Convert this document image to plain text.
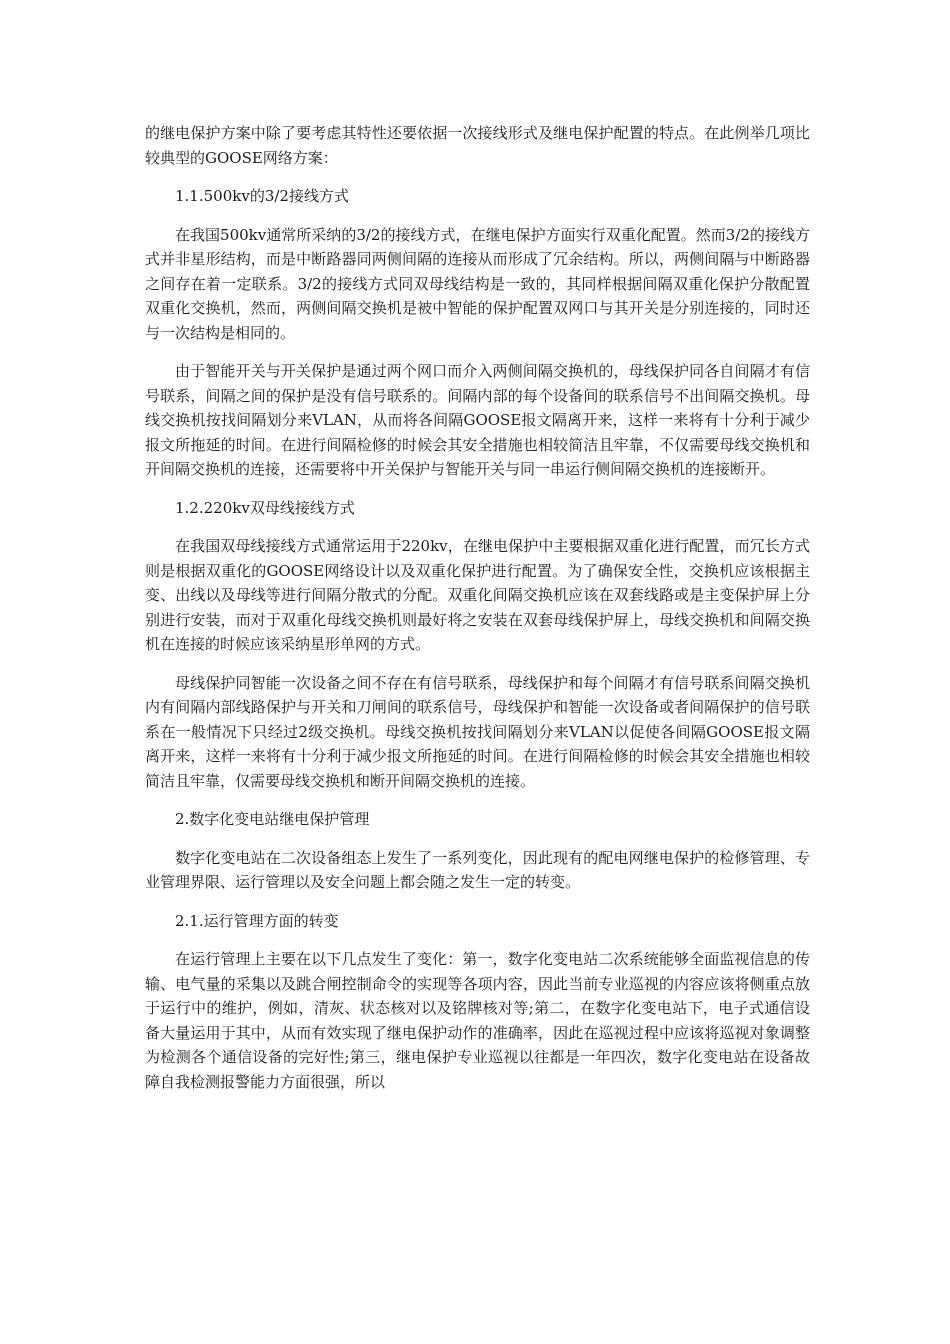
的继电保护方案中除了要考虑其特性还要依据一次接线形式及继电保护配置的特点。在此例举几项比较典型的GOOSE网络方案：

1.1.500kv的3/2接线方式

在我国500kv通常所采纳的3/2的接线方式，在继电保护方面实行双重化配置。然而3/2的接线方式并非星形结构，而是中断路器同两侧间隔的连接从而形成了冗余结构。所以，两侧间隔与中断路器之间存在着一定联系。3/2的接线方式同双母线结构是一致的，其同样根据间隔双重化保护分散配置双重化交换机，然而，两侧间隔交换机是被中智能的保护配置双网口与其开关是分别连接的，同时还与一次结构是相同的。

由于智能开关与开关保护是通过两个网口而介入两侧间隔交换机的，母线保护同各自间隔才有信号联系，间隔之间的保护是没有信号联系的。间隔内部的每个设备间的联系信号不出间隔交换机。母线交换机按找间隔划分来VLAN，从而将各间隔GOOSE报文隔离开来，这样一来将有十分利于减少报文所拖延的时间。在进行间隔检修的时候会其安全措施也相较简洁且牢靠，不仅需要母线交换机和开间隔交换机的连接，还需要将中开关保护与智能开关与同一串运行侧间隔交换机的连接断开。

1.2.220kv双母线接线方式

在我国双母线接线方式通常运用于220kv，在继电保护中主要根据双重化进行配置，而冗长方式则是根据双重化的GOOSE网络设计以及双重化保护进行配置。为了确保安全性，交换机应该根据主变、出线以及母线等进行间隔分散式的分配。双重化间隔交换机应该在双套线路或是主变保护屏上分别进行安装，而对于双重化母线交换机则最好将之安装在双套母线保护屏上，母线交换机和间隔交换机在连接的时候应该采纳星形单网的方式。

母线保护同智能一次设备之间不存在有信号联系，母线保护和每个间隔才有信号联系间隔交换机内有间隔内部线路保护与开关和刀闸间的联系信号，母线保护和智能一次设备或者间隔保护的信号联系在一般情况下只经过2级交换机。母线交换机按找间隔划分来VLAN以促使各间隔GOOSE报文隔离开来，这样一来将有十分利于减少报文所拖延的时间。在进行间隔检修的时候会其安全措施也相较简洁且牢靠，仅需要母线交换机和断开间隔交换机的连接。

2.数字化变电站继电保护管理

数字化变电站在二次设备组态上发生了一系列变化，因此现有的配电网继电保护的检修管理、专业管理界限、运行管理以及安全问题上都会随之发生一定的转变。

2.1.运行管理方面的转变

在运行管理上主要在以下几点发生了变化：第一，数字化变电站二次系统能够全面监视信息的传输、电气量的采集以及跳合闸控制命令的实现等各项内容，因此当前专业巡视的内容应该将侧重点放于运行中的维护，例如，清灰、状态核对以及铭牌核对等;第二，在数字化变电站下，电子式通信设备大量运用于其中，从而有效实现了继电保护动作的准确率，因此在巡视过程中应该将巡视对象调整为检测各个通信设备的完好性;第三，继电保护专业巡视以往都是一年四次，数字化变电站在设备故障自我检测报警能力方面很强，所以
